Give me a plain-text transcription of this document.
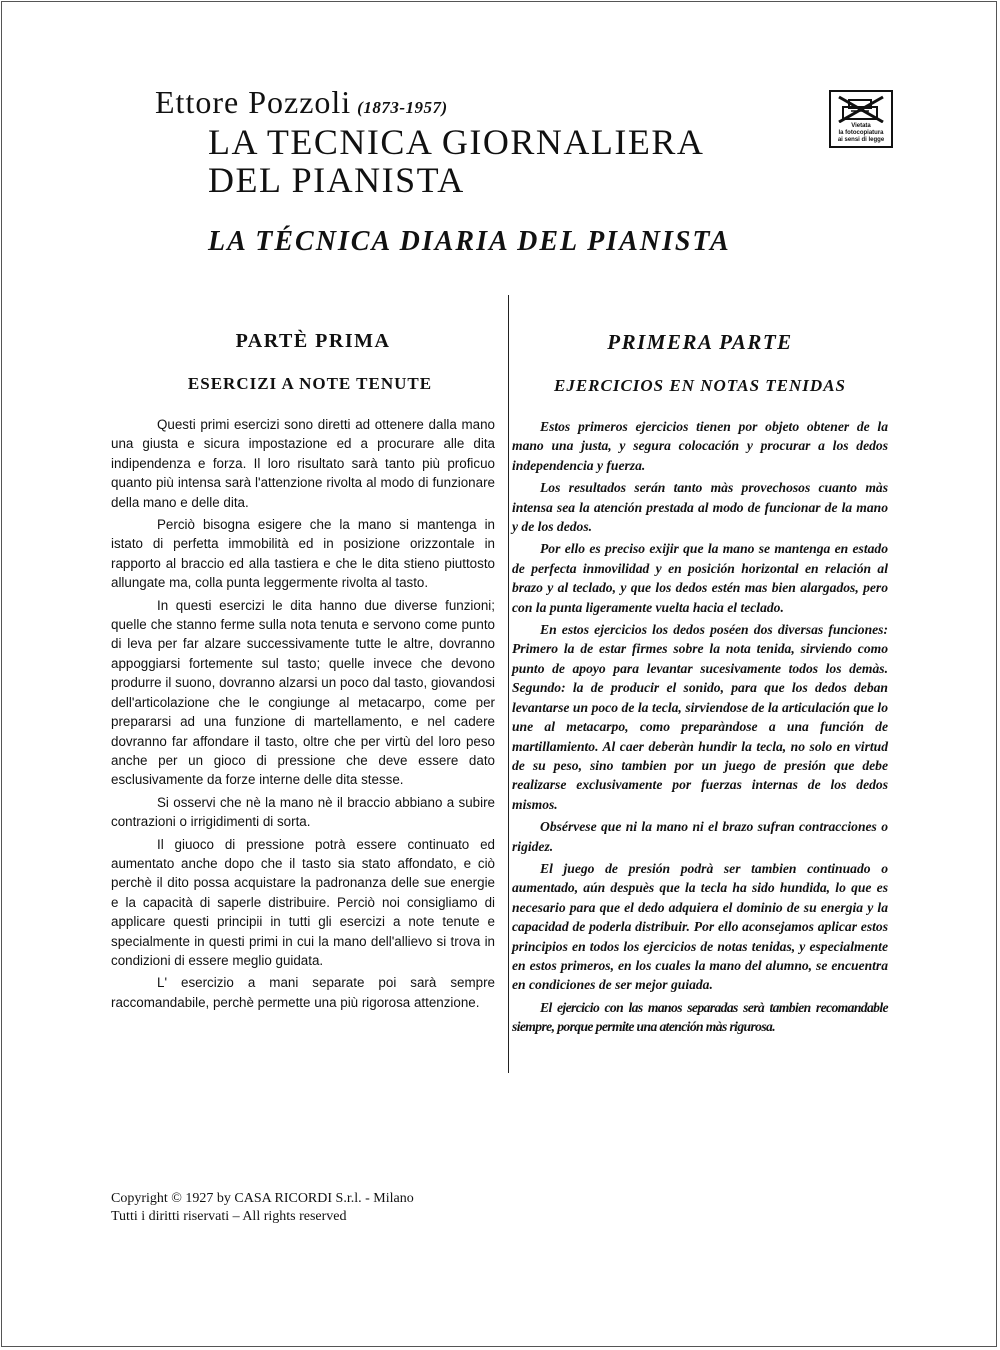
Ettore Pozzoli (1873-1957)
LA TECNICA GIORNALIERA
DEL PIANISTA
LA TÉCNICA DIARIA DEL PIANISTA
Vietata
la fotocopiatura
ai sensi di legge
PARTÈ PRIMA
ESERCIZI A NOTE TENUTE

Questi primi esercizi sono diretti ad ottenere dalla mano una giusta e sicura impostazione ed a procurare alle dita indipendenza e forza. Il loro risultato sarà tanto più proficuo quanto più intensa sarà l'attenzione rivolta al modo di funzionare della mano e delle dita.

Perciò bisogna esigere che la mano si mantenga in istato di perfetta immobilità ed in posizione orizzontale in rapporto al braccio ed alla tastiera e che le dita stieno piuttosto allungate ma, colla punta leggermente rivolta al tasto.

In questi esercizi le dita hanno due diverse funzioni; quelle che stanno ferme sulla nota tenuta e servono come punto di leva per far alzare successivamente tutte le altre, dovranno appoggiarsi fortemente sul tasto; quelle invece che devono produrre il suono, dovranno alzarsi un poco dal tasto, giovandosi dell'articolazione che le congiunge al metacarpo, come per prepararsi ad una funzione di martellamento, e nel cadere dovranno far affondare il tasto, oltre che per virtù del loro peso anche per un gioco di pressione che deve essere dato esclusivamente da forze interne delle dita stesse.

Si osservi che nè la mano nè il braccio abbiano a subire contrazioni o irrigidimenti di sorta.

Il giuoco di pressione potrà essere continuato ed aumentato anche dopo che il tasto sia stato affondato, e ciò perchè il dito possa acquistare la padronanza delle sue energie e la capacità di saperle distribuire. Perciò noi consigliamo di applicare questi principii in tutti gli esercizi a note tenute e specialmente in questi primi in cui la mano dell'allievo si trova in condizioni di essere meglio guidata.

L' esercizio a mani separate poi sarà sempre raccomandabile, perchè permette una più rigorosa attenzione.

PRIMERA PARTE
EJERCICIOS EN NOTAS TENIDAS

Estos primeros ejercicios tienen por objeto obtener de la mano una justa, y segura colocación y procurar a los dedos independencia y fuerza.

Los resultados serán tanto màs provechosos cuanto màs intensa sea la atención prestada al modo de funcionar de la mano y de los dedos.

Por ello es preciso exijir que la mano se mantenga en estado de perfecta inmovilidad y en posición horizontal en relación al brazo y al teclado, y que los dedos estén mas bien alargados, pero con la punta ligeramente vuelta hacia el teclado.

En estos ejercicios los dedos poséen dos diversas funciones: Primero la de estar firmes sobre la nota tenida, sirviendo como punto de apoyo para levantar sucesivamente todos los demàs. Segundo: la de producir el sonido, para que los dedos deban levantarse un poco de la tecla, sirviendose de la articulación que lo une al metacarpo, como preparàndose a una función de martillamiento. Al caer deberàn hundir la tecla, no solo en virtud de su peso, sino tambien por un juego de presión que debe realizarse exclusivamente por fuerzas internas de los dedos mismos.

Obsérvese que ni la mano ni el brazo sufran contracciones o rigidez.

El juego de presión podrà ser tambien continuado o aumentado, aún despuès que la tecla ha sido hundida, lo que es necesario para que el dedo adquiera el dominio de su energia y la capacidad de poderla distribuir. Por ello aconsejamos aplicar estos principios en todos los ejercicios de notas tenidas, y especialmente en estos primeros, en los cuales la mano del alumno, se encuentra en condiciones de ser mejor guiada.

El ejercicio con las manos separadas serà tambien recomandable siempre, porque permite una atención màs rigurosa.

Copyright © 1927 by CASA RICORDI S.r.l. - Milano
Tutti i diritti riservati – All rights reserved
